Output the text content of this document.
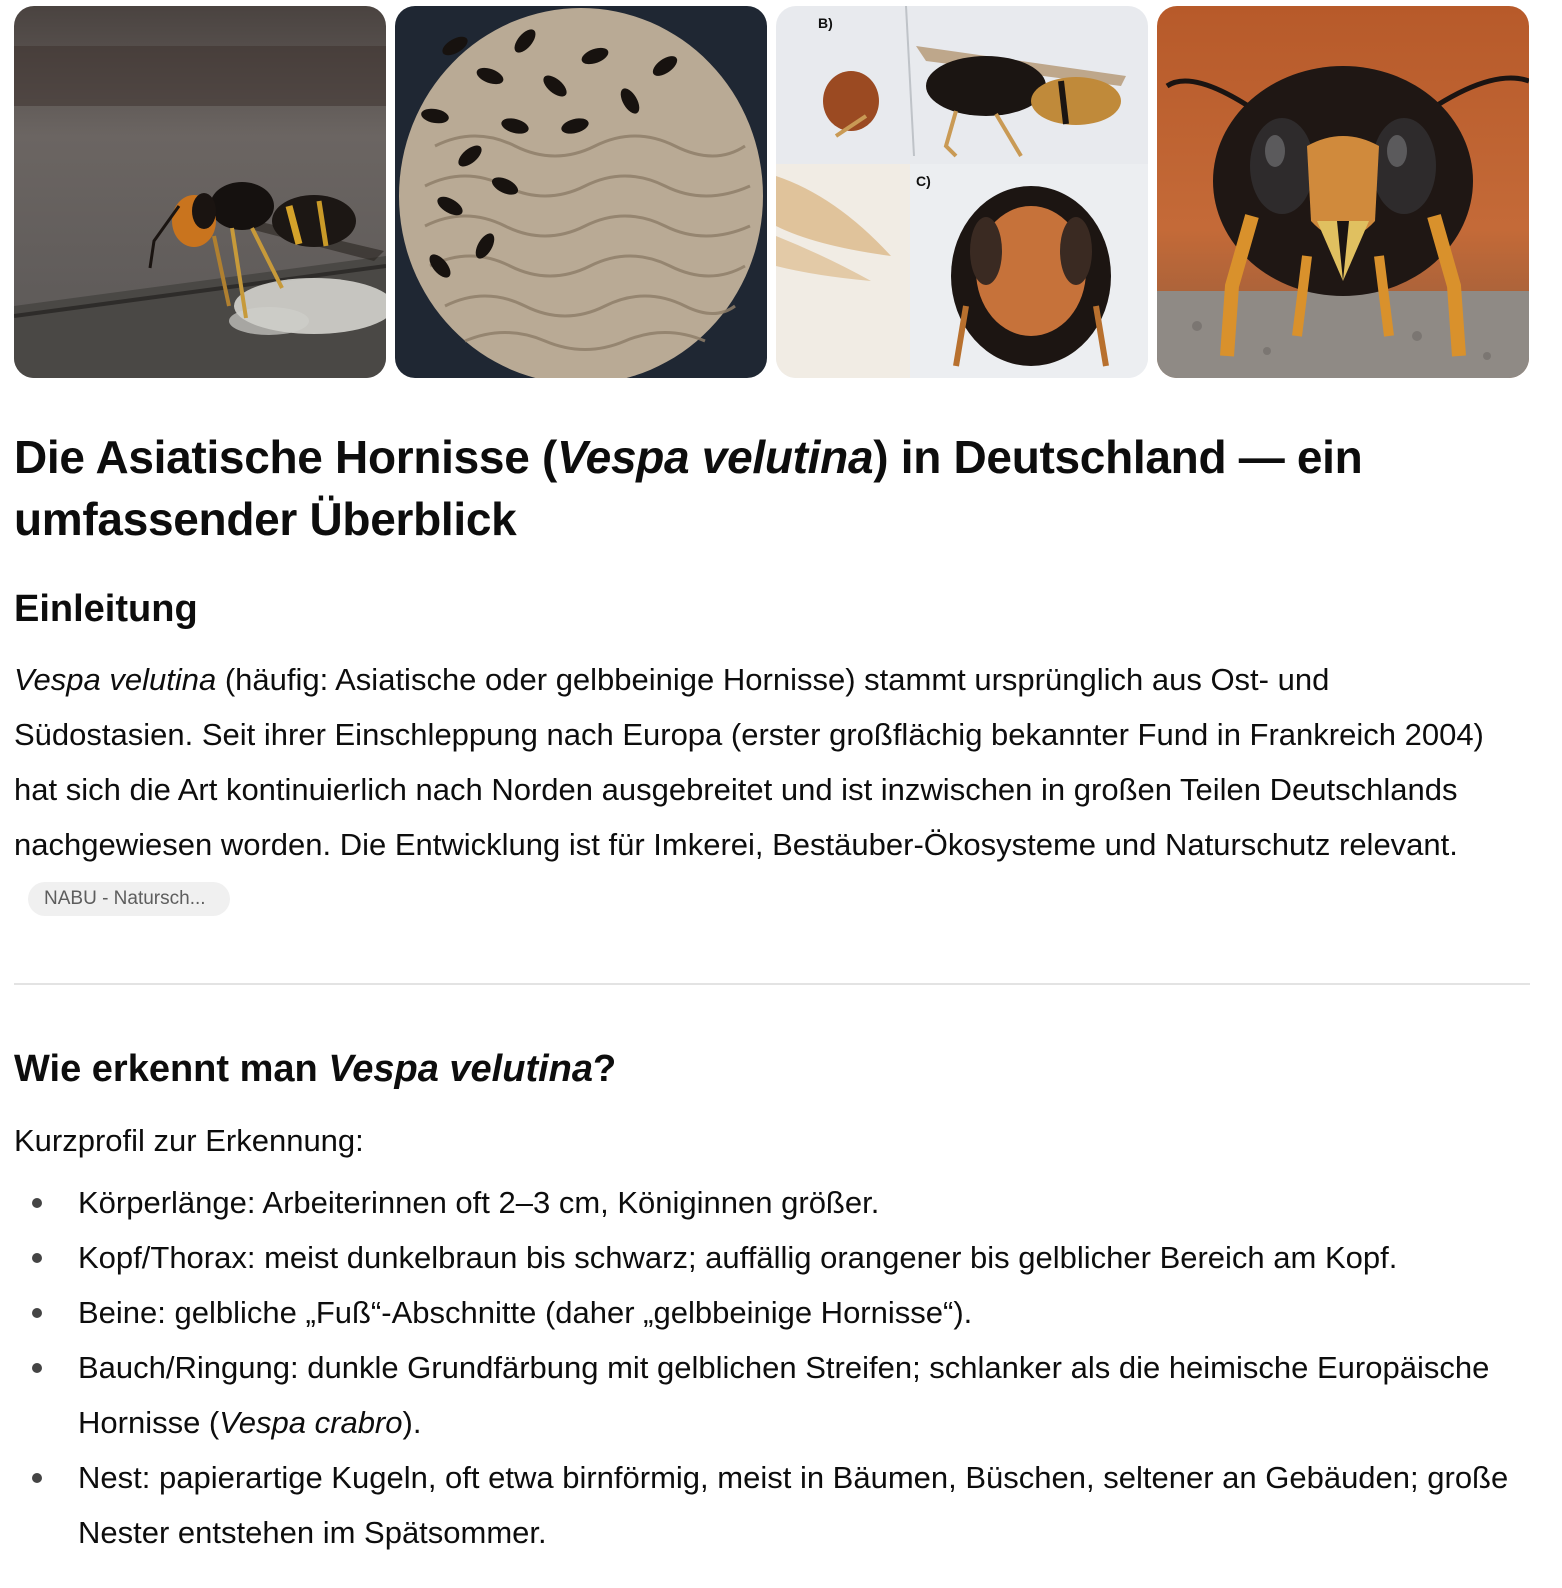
B)
C)
Die Asiatische Hornisse (Vespa velutina) in Deutschland — ein umfassender Überblick
Einleitung

Vespa velutina (häufig: Asiatische oder gelbbeinige Hornisse) stammt ursprünglich aus Ost- und Südostasien. Seit ihrer Einschleppung nach Europa (erster großflächig bekannter Fund in Frankreich 2004) hat sich die Art kontinuierlich nach Norden ausgebreitet und ist inzwischen in großen Teilen Deutschlands nachgewiesen worden. Die Entwicklung ist für Imkerei, Bestäuber-Ökosysteme und Naturschutz relevant.NABU - Natursch...

Wie erkennt man Vespa velutina?

Kurzprofil zur Erkennung:

Körperlänge: Arbeiterinnen oft 2–3 cm, Königinnen größer.
Kopf/Thorax: meist dunkelbraun bis schwarz; auffällig orangener bis gelblicher Bereich am Kopf.
Beine: gelbliche „Fuß“-Abschnitte (daher „gelbbeinige Hornisse“).
Bauch/Ringung: dunkle Grundfärbung mit gelblichen Streifen; schlanker als die heimische Europäische Hornisse (Vespa crabro).
Nest: papierartige Kugeln, oft etwa birnförmig, meist in Bäumen, Büschen, seltener an Gebäuden; große Nester entstehen im Spätsommer.
